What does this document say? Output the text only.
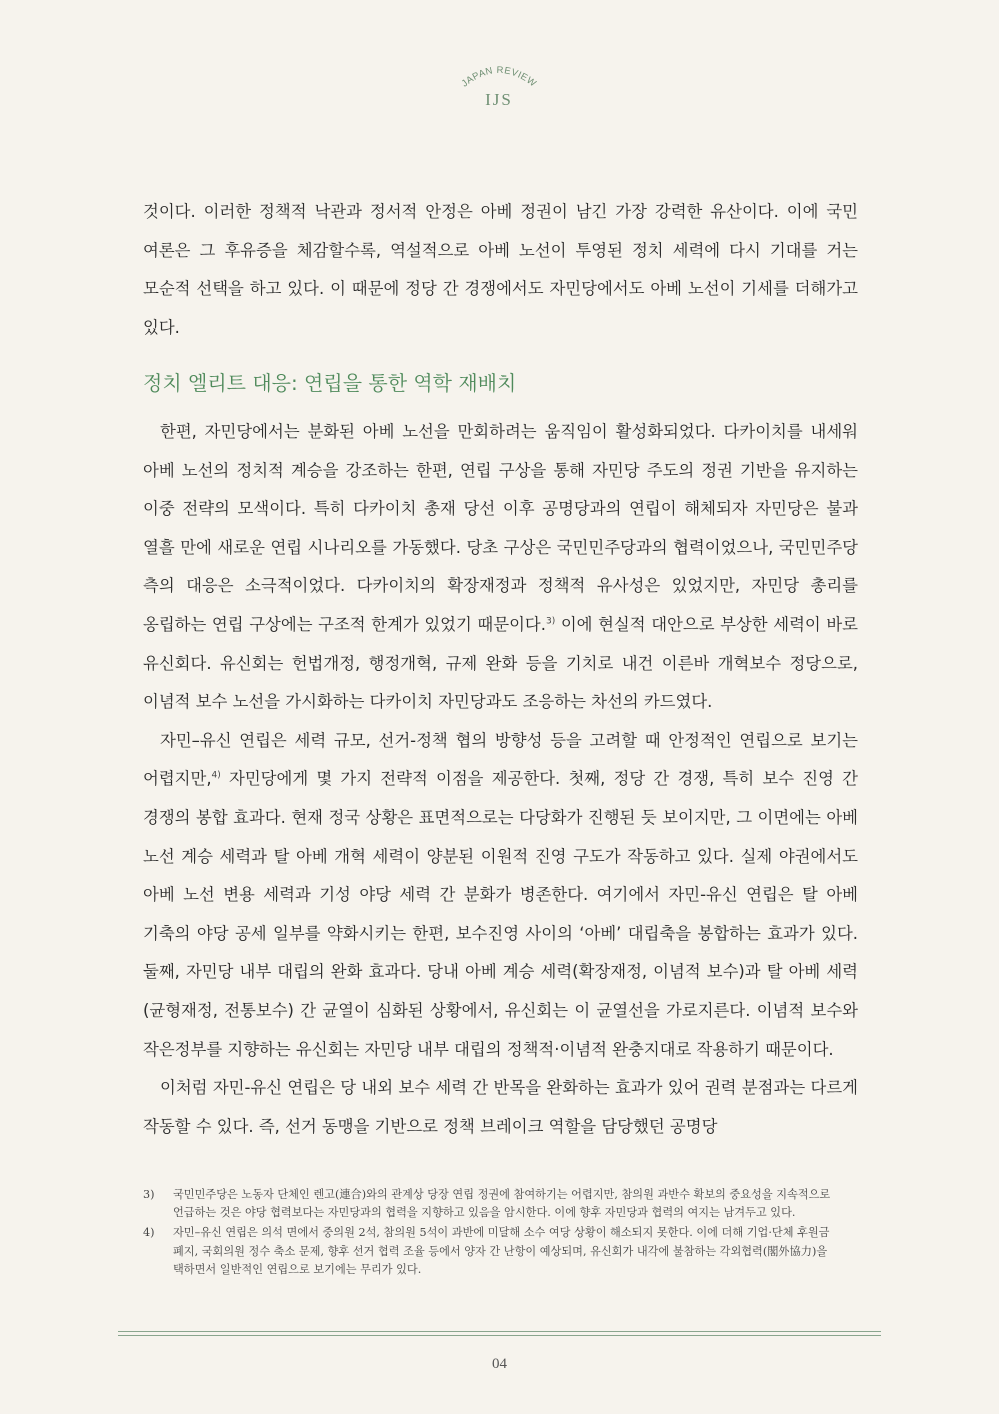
JAPAN REVIEW
IJS

것이다. 이러한 정책적 낙관과 정서적 안정은 아베 정권이 남긴 가장 강력한 유산이다. 이에 국민 여론은 그 후유증을 체감할수록, 역설적으로 아베 노선이 투영된 정치 세력에 다시 기대를 거는 모순적 선택을 하고 있다. 이 때문에 정당 간 경쟁에서도 자민당에서도 아베 노선이 기세를 더해가고 있다.

정치 엘리트 대응: 연립을 통한 역학 재배치

한편, 자민당에서는 분화된 아베 노선을 만회하려는 움직임이 활성화되었다. 다카이치를 내세워 아베 노선의 정치적 계승을 강조하는 한편, 연립 구상을 통해 자민당 주도의 정권 기반을 유지하는 이중 전략의 모색이다. 특히 다카이치 총재 당선 이후 공명당과의 연립이 해체되자 자민당은 불과 열흘 만에 새로운 연립 시나리오를 가동했다. 당초 구상은 국민민주당과의 협력이었으나, 국민민주당 측의 대응은 소극적이었다. 다카이치의 확장재정과 정책적 유사성은 있었지만, 자민당 총리를 옹립하는 연립 구상에는 구조적 한계가 있었기 때문이다.$^{3)}$ 이에 현실적 대안으로 부상한 세력이 바로 유신회다. 유신회는 헌법개정, 행정개혁, 규제 완화 등을 기치로 내건 이른바 개혁보수 정당으로, 이념적 보수 노선을 가시화하는 다카이치 자민당과도 조응하는 차선의 카드였다.

자민–유신 연립은 세력 규모, 선거-정책 협의 방향성 등을 고려할 때 안정적인 연립으로 보기는 어렵지만,$^{4)}$ 자민당에게 몇 가지 전략적 이점을 제공한다. 첫째, 정당 간 경쟁, 특히 보수 진영 간 경쟁의 봉합 효과다. 현재 정국 상황은 표면적으로는 다당화가 진행된 듯 보이지만, 그 이면에는 아베 노선 계승 세력과 탈 아베 개혁 세력이 양분된 이원적 진영 구도가 작동하고 있다. 실제 야권에서도 아베 노선 변용 세력과 기성 야당 세력 간 분화가 병존한다. 여기에서 자민-유신 연립은 탈 아베 기축의 야당 공세 일부를 약화시키는 한편, 보수진영 사이의 ‘아베’ 대립축을 봉합하는 효과가 있다. 둘째, 자민당 내부 대립의 완화 효과다. 당내 아베 계승 세력(확장재정, 이념적 보수)과 탈 아베 세력(균형재정, 전통보수) 간 균열이 심화된 상황에서, 유신회는 이 균열선을 가로지른다. 이념적 보수와 작은정부를 지향하는 유신회는 자민당 내부 대립의 정책적·이념적 완충지대로 작용하기 때문이다.

이처럼 자민-유신 연립은 당 내외 보수 세력 간 반목을 완화하는 효과가 있어 권력 분점과는 다르게 작동할 수 있다. 즉, 선거 동맹을 기반으로 정책 브레이크 역할을 담당했던 공명당

3)	국민민주당은 노동자 단체인 렌고(連合)와의 관계상 당장 연립 정권에 참여하기는 어렵지만, 참의원 과반수 확보의 중요성을 지속적으로 언급하는 것은 야당 협력보다는 자민당과의 협력을 지향하고 있음을 암시한다. 이에 향후 자민당과 협력의 여지는 남겨두고 있다.
4)	자민–유신 연립은 의석 면에서 중의원 2석, 참의원 5석이 과반에 미달해 소수 여당 상황이 해소되지 못한다. 이에 더해 기업·단체 후원금 폐지, 국회의원 정수 축소 문제, 향후 선거 협력 조율 등에서 양자 간 난항이 예상되며, 유신회가 내각에 불참하는 각외협력(閣外協力)을 택하면서 일반적인 연립으로 보기에는 무리가 있다.
04
